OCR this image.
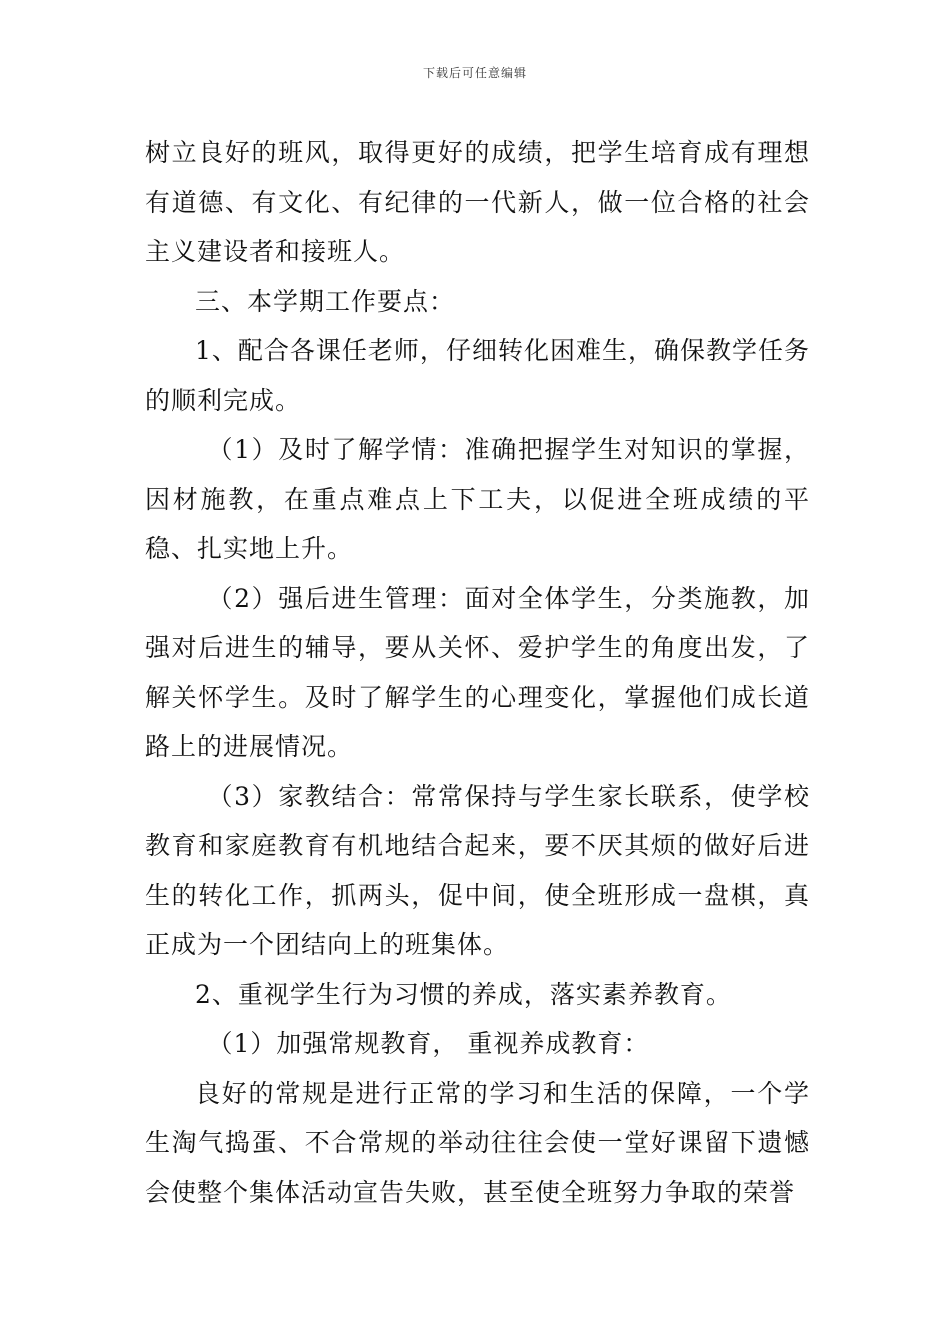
下载后可任意编辑

树立良好的班风，取得更好的成绩，把学生培育成有理想有道德、有文化、有纪律的一代新人，做一位合格的社会主义建设者和接班人。

三、本学期工作要点：

1、配合各课任老师，仔细转化困难生，确保教学任务的顺利完成。

（1）及时了解学情：准确把握学生对知识的掌握，因材施教，在重点难点上下工夫，以促进全班成绩的平稳、扎实地上升。

（2）强后进生管理：面对全体学生，分类施教，加强对后进生的辅导，要从关怀、爱护学生的角度出发，了解关怀学生。及时了解学生的心理变化，掌握他们成长道路上的进展情况。

（3）家教结合：常常保持与学生家长联系，使学校教育和家庭教育有机地结合起来，要不厌其烦的做好后进生的转化工作，抓两头，促中间，使全班形成一盘棋，真正成为一个团结向上的班集体。

2、重视学生行为习惯的养成，落实素养教育。

（1）加强常规教育， 重视养成教育：

良好的常规是进行正常的学习和生活的保障，一个学生淘气捣蛋、不合常规的举动往往会使一堂好课留下遗憾会使整个集体活动宣告失败，甚至使全班努力争取的荣誉
